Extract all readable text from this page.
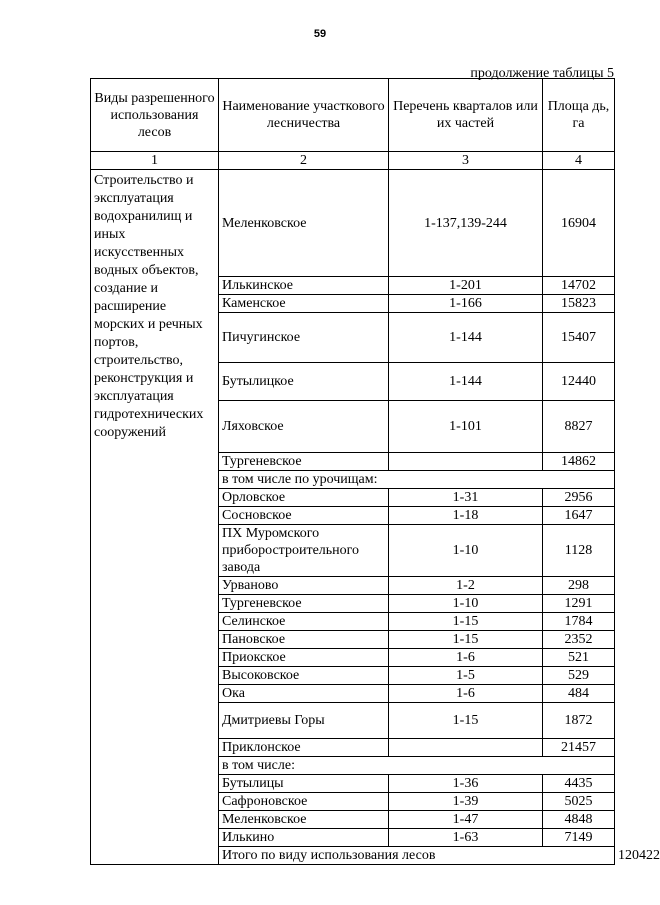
59
продолжение таблицы 5
Виды разрешенного использования лесов	Наименование участкового лесничества	Перечень кварталов или их частей	Площа дь, га	
1	2	3	4	
Строительство и эксплуатация водохранилищ и иных искусственных водных объектов, создание и расширение морских и речных портов, строительство, реконструкция и эксплуатация гидротехнических сооружений	Меленковское	1-137,139-244	16904	
	Илькинское	1-201	14702	
	Каменское	1-166	15823	
	Пичугинское	1-144	15407	
	Бутылицкое	1-144	12440	
	Ляховское	1-101	8827	
	Тургеневское		14862	
	в том числе по урочищам:			
	Орловское	1-31	2956	
	Сосновское	1-18	1647	
	ПХ Муромского приборостроительного завода	1-10	1128	
	Урваново	1-2	298	
	Тургеневское	1-10	1291	
	Селинское	1-15	1784	
	Пановское	1-15	2352	
	Приокское	1-6	521	
	Высоковское	1-5	529	
	Ока	1-6	484	
	Дмитриевы Горы	1-15	1872	
	Приклонское		21457	
	в том числе:			
	Бутылицы	1-36	4435	
	Сафроновское	1-39	5025	
	Меленковское	1-47	4848	
	Илькино	1-63	7149	
	Итого по виду использования лесов			120422
